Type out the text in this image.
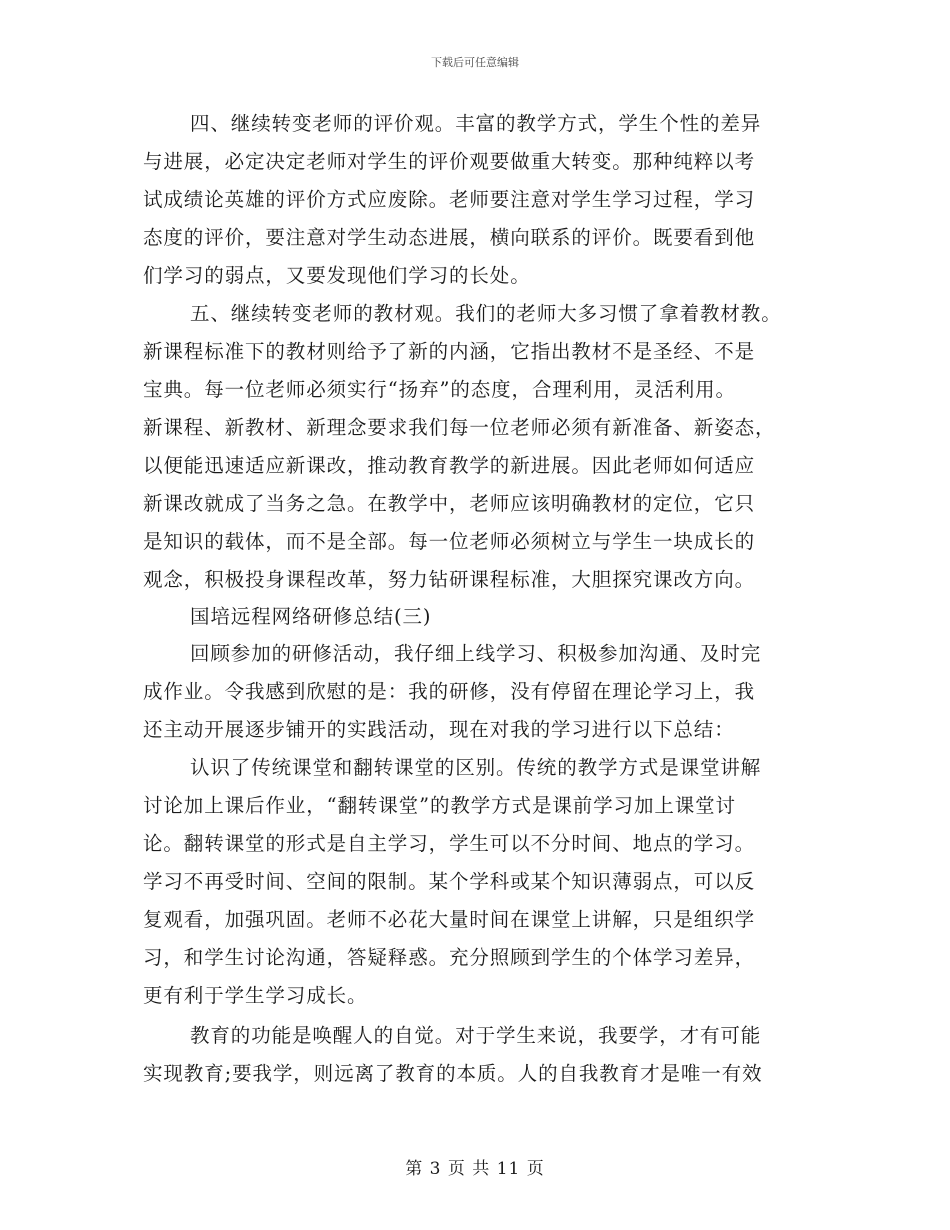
下载后可任意编辑
四、继续转变老师的评价观。丰富的教学方式，学生个性的差异
与进展，必定决定老师对学生的评价观要做重大转变。那种纯粹以考
试成绩论英雄的评价方式应废除。老师要注意对学生学习过程，学习
态度的评价，要注意对学生动态进展，横向联系的评价。既要看到他
们学习的弱点，又要发现他们学习的长处。
五、继续转变老师的教材观。我们的老师大多习惯了拿着教材教。
新课程标准下的教材则给予了新的内涵，它指出教材不是圣经、不是
宝典。每一位老师必须实行“扬弃”的态度，合理利用，灵活利用。
新课程、新教材、新理念要求我们每一位老师必须有新准备、新姿态，
以便能迅速适应新课改，推动教育教学的新进展。因此老师如何适应
新课改就成了当务之急。在教学中，老师应该明确教材的定位，它只
是知识的载体，而不是全部。每一位老师必须树立与学生一块成长的
观念，积极投身课程改革，努力钻研课程标准，大胆探究课改方向。
国培远程网络研修总结(三)
回顾参加的研修活动，我仔细上线学习、积极参加沟通、及时完
成作业。令我感到欣慰的是：我的研修，没有停留在理论学习上，我
还主动开展逐步铺开的实践活动，现在对我的学习进行以下总结：
认识了传统课堂和翻转课堂的区别。传统的教学方式是课堂讲解
讨论加上课后作业，“翻转课堂”的教学方式是课前学习加上课堂讨
论。翻转课堂的形式是自主学习，学生可以不分时间、地点的学习。
学习不再受时间、空间的限制。某个学科或某个知识薄弱点，可以反
复观看，加强巩固。老师不必花大量时间在课堂上讲解，只是组织学
习，和学生讨论沟通，答疑释惑。充分照顾到学生的个体学习差异，
更有利于学生学习成长。
教育的功能是唤醒人的自觉。对于学生来说，我要学，才有可能
实现教育;要我学，则远离了教育的本质。人的自我教育才是唯一有效
第 3 页 共 11 页
